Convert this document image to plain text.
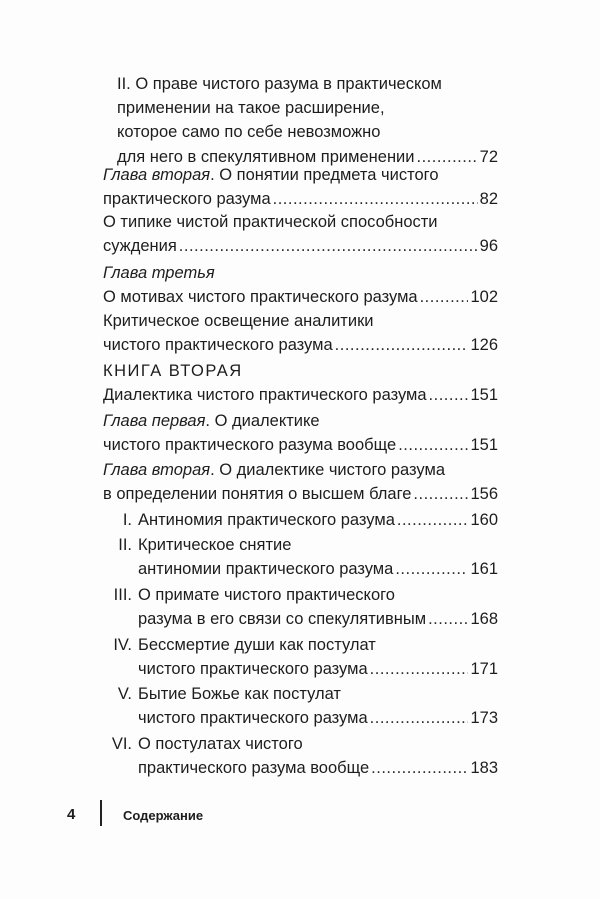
II. О праве чистого разума в практическом
применении на такое расширение,
которое само по себе невозможно
для него в спекулятивном применении .....	72
Глава вторая. О понятии предмета чистого
практического разума .....	82
О типике чистой практической способности
суждения .....	96
Глава третья
О мотивах чистого практического разума .....	102
Критическое освещение аналитики
чистого практического разума .....	126
КНИГА ВТОРАЯ
Диалектика чистого практического разума .....	151
Глава первая. О диалектике
чистого практического разума вообще .....	151
Глава вторая. О диалектике чистого разума
в определении понятия о высшем благе .....	156
I. Антиномия практического разума .....	160
II. Критическое снятие
антиномии практического разума .....	161
III. О примате чистого практического
разума в его связи со спекулятивным .....	168
IV. Бессмертие души как постулат
чистого практического разума .....	171
V. Бытие Божье как постулат
чистого практического разума .....	173
VI. О постулатах чистого
практического разума вообще .....	183
4	Содержание
